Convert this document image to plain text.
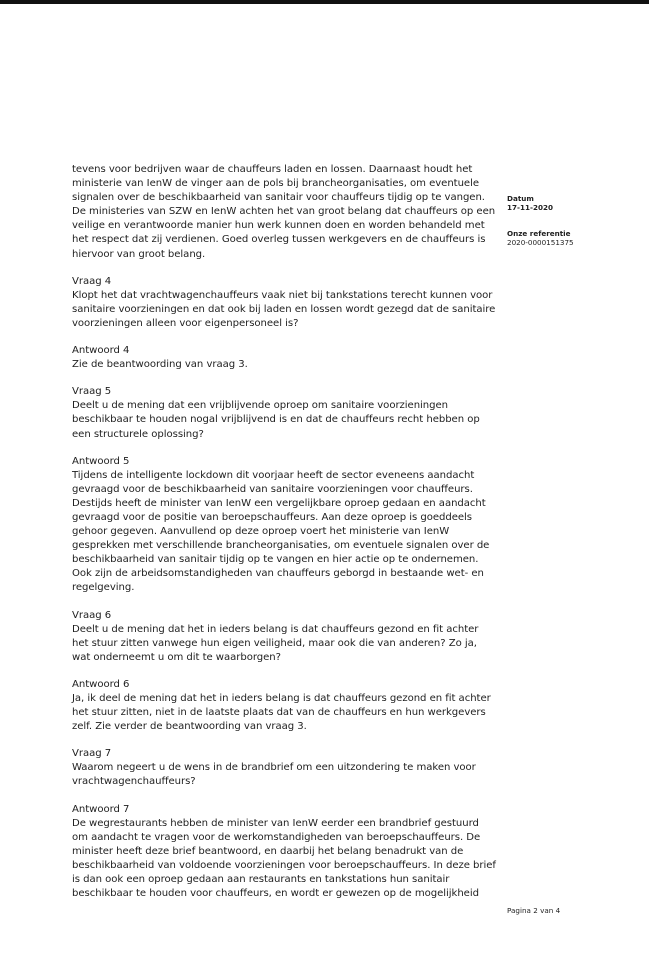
tevens voor bedrijven waar de chauffeurs laden en lossen. Daarnaast houdt het ministerie van IenW de vinger aan de pols bij brancheorganisaties, om eventuele signalen over de beschikbaarheid van sanitair voor chauffeurs tijdig op te vangen. De ministeries van SZW en IenW achten het van groot belang dat chauffeurs op een veilige en verantwoorde manier hun werk kunnen doen en worden behandeld met het respect dat zij verdienen. Goed overleg tussen werkgevers en de chauffeurs is hiervoor van groot belang.

Vraag 4

Klopt het dat vrachtwagenchauffeurs vaak niet bij tankstations terecht kunnen voor sanitaire voorzieningen en dat ook bij laden en lossen wordt gezegd dat de sanitaire voorzieningen alleen voor eigenpersoneel is?

Antwoord 4

Zie de beantwoording van vraag 3.

Vraag 5

Deelt u de mening dat een vrijblijvende oproep om sanitaire voorzieningen beschikbaar te houden nogal vrijblijvend is en dat de chauffeurs recht hebben op een structurele oplossing?

Antwoord 5

Tijdens de intelligente lockdown dit voorjaar heeft de sector eveneens aandacht gevraagd voor de beschikbaarheid van sanitaire voorzieningen voor chauffeurs. Destijds heeft de minister van IenW een vergelijkbare oproep gedaan en aandacht gevraagd voor de positie van beroepschauffeurs. Aan deze oproep is goeddeels gehoor gegeven. Aanvullend op deze oproep voert het ministerie van IenW gesprekken met verschillende brancheorganisaties, om eventuele signalen over de beschikbaarheid van sanitair tijdig op te vangen en hier actie op te ondernemen. Ook zijn de arbeidsomstandigheden van chauffeurs geborgd in bestaande wet- en regelgeving.

Vraag 6

Deelt u de mening dat het in ieders belang is dat chauffeurs gezond en fit achter het stuur zitten vanwege hun eigen veiligheid, maar ook die van anderen? Zo ja, wat onderneemt u om dit te waarborgen?

Antwoord 6

Ja, ik deel de mening dat het in ieders belang is dat chauffeurs gezond en fit achter het stuur zitten, niet in de laatste plaats dat van de chauffeurs en hun werkgevers zelf. Zie verder de beantwoording van vraag 3.

Vraag 7

Waarom negeert u de wens in de brandbrief om een uitzondering te maken voor vrachtwagenchauffeurs?

Antwoord 7

De wegrestaurants hebben de minister van IenW eerder een brandbrief gestuurd om aandacht te vragen voor de werkomstandigheden van beroepschauffeurs. De minister heeft deze brief beantwoord, en daarbij het belang benadrukt van de beschikbaarheid van voldoende voorzieningen voor beroepschauffeurs. In deze brief is dan ook een oproep gedaan aan restaurants en tankstations hun sanitair beschikbaar te houden voor chauffeurs, en wordt er gewezen op de mogelijkheid

Datum
17-11-2020
Onze referentie
2020-0000151375
Pagina 2 van 4
